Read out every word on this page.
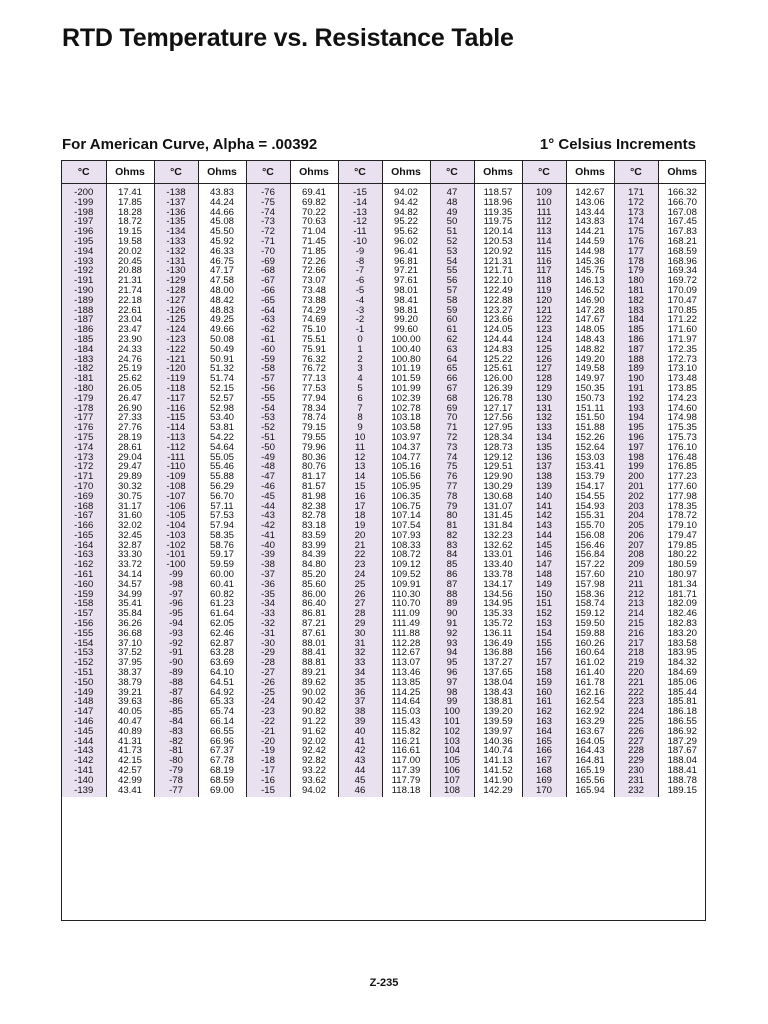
RTD Temperature vs. Resistance Table
For American Curve, Alpha = .00392	1° Celsius Increments
°C	Ohms	°C	Ohms	°C	Ohms	°C	Ohms	°C	Ohms	°C	Ohms	°C	Ohms
-200	17.41	-138	43.83	-76	69.41	-15	94.02	47	118.57	109	142.67	171	166.32
-199	17.85	-137	44.24	-75	69.82	-14	94.42	48	118.96	110	143.06	172	166.70
-198	18.28	-136	44.66	-74	70.22	-13	94.82	49	119.35	111	143.44	173	167.08
-197	18.72	-135	45.08	-73	70.63	-12	95.22	50	119.75	112	143.83	174	167.45
-196	19.15	-134	45.50	-72	71.04	-11	95.62	51	120.14	113	144.21	175	167.83
-195	19.58	-133	45.92	-71	71.45	-10	96.02	52	120.53	114	144.59	176	168.21
-194	20.02	-132	46.33	-70	71.85	-9	96.41	53	120.92	115	144.98	177	168.59
-193	20.45	-131	46.75	-69	72.26	-8	96.81	54	121.31	116	145.36	178	168.96
-192	20.88	-130	47.17	-68	72.66	-7	97.21	55	121.71	117	145.75	179	169.34
-191	21.31	-129	47.58	-67	73.07	-6	97.61	56	122.10	118	146.13	180	169.72
-190	21.74	-128	48.00	-66	73.48	-5	98.01	57	122.49	119	146.52	181	170.09
-189	22.18	-127	48.42	-65	73.88	-4	98.41	58	122.88	120	146.90	182	170.47
-188	22.61	-126	48.83	-64	74.29	-3	98.81	59	123.27	121	147.28	183	170.85
-187	23.04	-125	49.25	-63	74.69	-2	99.20	60	123.66	122	147.67	184	171.22
-186	23.47	-124	49.66	-62	75.10	-1	99.60	61	124.05	123	148.05	185	171.60
-185	23.90	-123	50.08	-61	75.51	0	100.00	62	124.44	124	148.43	186	171.97
-184	24.33	-122	50.49	-60	75.91	1	100.40	63	124.83	125	148.82	187	172.35
-183	24.76	-121	50.91	-59	76.32	2	100.80	64	125.22	126	149.20	188	172.73
-182	25.19	-120	51.32	-58	76.72	3	101.19	65	125.61	127	149.58	189	173.10
-181	25.62	-119	51.74	-57	77.13	4	101.59	66	126.00	128	149.97	190	173.48
-180	26.05	-118	52.15	-56	77.53	5	101.99	67	126.39	129	150.35	191	173.85
-179	26.47	-117	52.57	-55	77.94	6	102.39	68	126.78	130	150.73	192	174.23
-178	26.90	-116	52.98	-54	78.34	7	102.78	69	127.17	131	151.11	193	174.60
-177	27.33	-115	53.40	-53	78.74	8	103.18	70	127.56	132	151.50	194	174.98
-176	27.76	-114	53.81	-52	79.15	9	103.58	71	127.95	133	151.88	195	175.35
-175	28.19	-113	54.22	-51	79.55	10	103.97	72	128.34	134	152.26	196	175.73
-174	28.61	-112	54.64	-50	79.96	11	104.37	73	128.73	135	152.64	197	176.10
-173	29.04	-111	55.05	-49	80.36	12	104.77	74	129.12	136	153.03	198	176.48
-172	29.47	-110	55.46	-48	80.76	13	105.16	75	129.51	137	153.41	199	176.85
-171	29.89	-109	55.88	-47	81.17	14	105.56	76	129.90	138	153.79	200	177.23
-170	30.32	-108	56.29	-46	81.57	15	105.95	77	130.29	139	154.17	201	177.60
-169	30.75	-107	56.70	-45	81.98	16	106.35	78	130.68	140	154.55	202	177.98
-168	31.17	-106	57.11	-44	82.38	17	106.75	79	131.07	141	154.93	203	178.35
-167	31.60	-105	57.53	-43	82.78	18	107.14	80	131.45	142	155.31	204	178.72
-166	32.02	-104	57.94	-42	83.18	19	107.54	81	131.84	143	155.70	205	179.10
-165	32.45	-103	58.35	-41	83.59	20	107.93	82	132.23	144	156.08	206	179.47
-164	32.87	-102	58.76	-40	83.99	21	108.33	83	132.62	145	156.46	207	179.85
-163	33.30	-101	59.17	-39	84.39	22	108.72	84	133.01	146	156.84	208	180.22
-162	33.72	-100	59.59	-38	84.80	23	109.12	85	133.40	147	157.22	209	180.59
-161	34.14	-99	60.00	-37	85.20	24	109.52	86	133.78	148	157.60	210	180.97
-160	34.57	-98	60.41	-36	85.60	25	109.91	87	134.17	149	157.98	211	181.34
-159	34.99	-97	60.82	-35	86.00	26	110.30	88	134.56	150	158.36	212	181.71
-158	35.41	-96	61.23	-34	86.40	27	110.70	89	134.95	151	158.74	213	182.09
-157	35.84	-95	61.64	-33	86.81	28	111.09	90	135.33	152	159.12	214	182.46
-156	36.26	-94	62.05	-32	87.21	29	111.49	91	135.72	153	159.50	215	182.83
-155	36.68	-93	62.46	-31	87.61	30	111.88	92	136.11	154	159.88	216	183.20
-154	37.10	-92	62.87	-30	88.01	31	112.28	93	136.49	155	160.26	217	183.58
-153	37.52	-91	63.28	-29	88.41	32	112.67	94	136.88	156	160.64	218	183.95
-152	37.95	-90	63.69	-28	88.81	33	113.07	95	137.27	157	161.02	219	184.32
-151	38.37	-89	64.10	-27	89.21	34	113.46	96	137.65	158	161.40	220	184.69
-150	38.79	-88	64.51	-26	89.62	35	113.85	97	138.04	159	161.78	221	185.06
-149	39.21	-87	64.92	-25	90.02	36	114.25	98	138.43	160	162.16	222	185.44
-148	39.63	-86	65.33	-24	90.42	37	114.64	99	138.81	161	162.54	223	185.81
-147	40.05	-85	65.74	-23	90.82	38	115.03	100	139.20	162	162.92	224	186.18
-146	40.47	-84	66.14	-22	91.22	39	115.43	101	139.59	163	163.29	225	186.55
-145	40.89	-83	66.55	-21	91.62	40	115.82	102	139.97	164	163.67	226	186.92
-144	41.31	-82	66.96	-20	92.02	41	116.21	103	140.36	165	164.05	227	187.29
-143	41.73	-81	67.37	-19	92.42	42	116.61	104	140.74	166	164.43	228	187.67
-142	42.15	-80	67.78	-18	92.82	43	117.00	105	141.13	167	164.81	229	188.04
-141	42.57	-79	68.19	-17	93.22	44	117.39	106	141.52	168	165.19	230	188.41
-140	42.99	-78	68.59	-16	93.62	45	117.79	107	141.90	169	165.56	231	188.78
-139	43.41	-77	69.00	-15	94.02	46	118.18	108	142.29	170	165.94	232	189.15
Z-235
